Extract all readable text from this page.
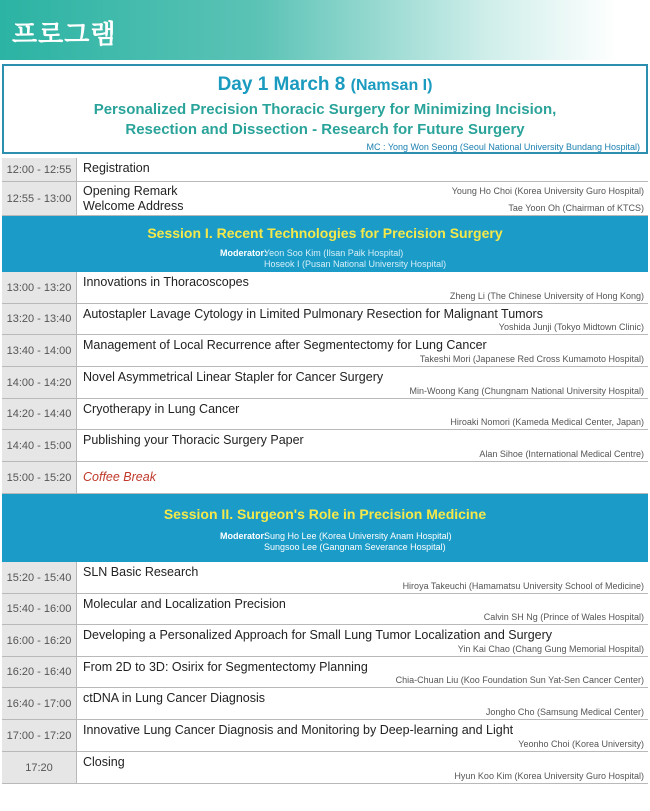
프로그램
Day 1 March 8 (Namsan I)
Personalized Precision Thoracic Surgery for Minimizing Incision,
Resection and Dissection - Research for Future Surgery
MC : Yong Won Seong (Seoul National University Bundang Hospital)
12:00 - 12:55 Registration
12:55 - 13:00
Opening Remark
Welcome Address
Young Ho Choi (Korea University Guro Hospital)
Tae Yoon Oh (Chairman of KTCS)
Session I. Recent Technologies for Precision Surgery
Moderator:
Yeon Soo Kim (Ilsan Paik Hospital)
Hoseok I (Pusan National University Hospital)
13:00 - 13:20 Innovations in Thoracoscopes
Zheng Li (The Chinese University of Hong Kong)
13:20 - 13:40 Autostapler Lavage Cytology in Limited Pulmonary Resection for Malignant Tumors
Yoshida Junji (Tokyo Midtown Clinic)
13:40 - 14:00 Management of Local Recurrence after Segmentectomy for Lung Cancer
Takeshi Mori (Japanese Red Cross Kumamoto Hospital)
14:00 - 14:20 Novel Asymmetrical Linear Stapler for Cancer Surgery
Min-Woong Kang (Chungnam National University Hospital)
14:20 - 14:40 Cryotherapy in Lung Cancer
Hiroaki Nomori (Kameda Medical Center, Japan)
14:40 - 15:00 Publishing your Thoracic Surgery Paper
Alan Sihoe (International Medical Centre)
15:00 - 15:20 Coffee Break
Session II. Surgeon's Role in Precision Medicine
Moderator:
Sung Ho Lee (Korea University Anam Hospital)
Sungsoo Lee (Gangnam Severance Hospital)
15:20 - 15:40 SLN Basic Research
Hiroya Takeuchi (Hamamatsu University School of Medicine)
15:40 - 16:00 Molecular and Localization Precision
Calvin SH Ng (Prince of Wales Hospital)
16:00 - 16:20 Developing a Personalized Approach for Small Lung Tumor Localization and Surgery
Yin Kai Chao (Chang Gung Memorial Hospital)
16:20 - 16:40 From 2D to 3D: Osirix for Segmentectomy Planning
Chia-Chuan Liu (Koo Foundation Sun Yat-Sen Cancer Center)
16:40 - 17:00 ctDNA in Lung Cancer Diagnosis
Jongho Cho (Samsung Medical Center)
17:00 - 17:20 Innovative Lung Cancer Diagnosis and Monitoring by Deep-learning and Light
Yeonho Choi (Korea University)
17:20	Closing
Hyun Koo Kim (Korea University Guro Hospital)
